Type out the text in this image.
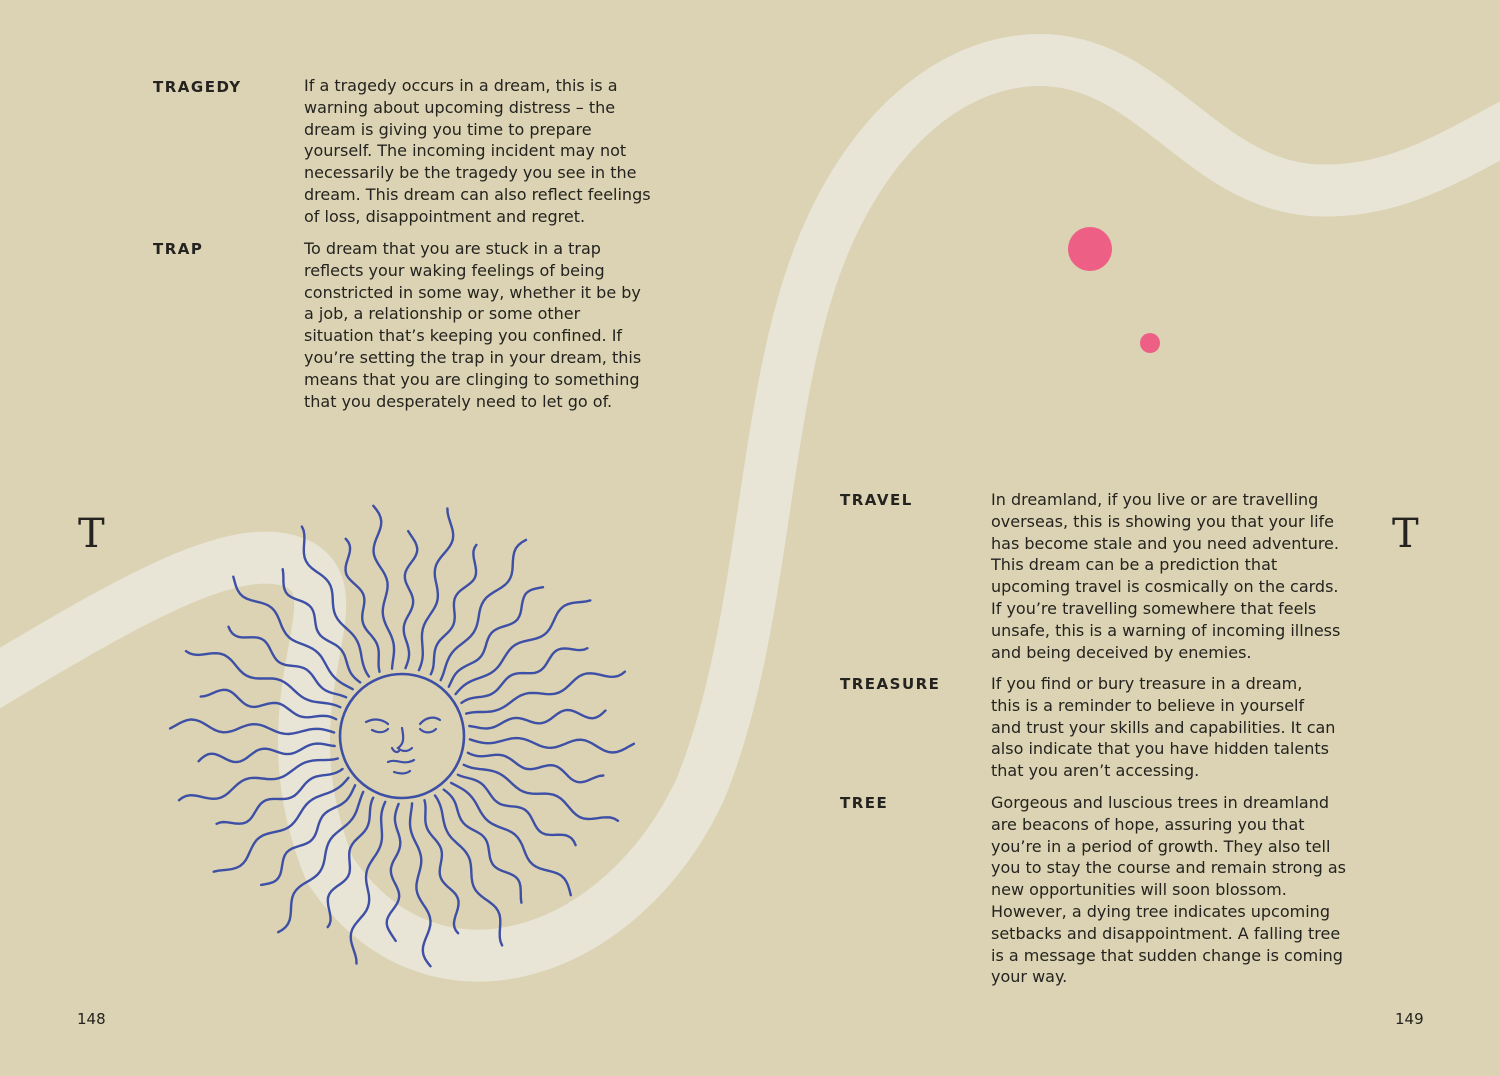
TRAGEDY	If a tragedy occurs in a dream, this is a warning about upcoming distress – the dream is giving you time to prepare yourself. The incoming incident may not necessarily be the tragedy you see in the dream. This dream can also reflect feelings of loss, disappointment and regret.

TRAP	To dream that you are stuck in a trap reflects your waking feelings of being constricted in some way, whether it be by a job, a relationship or some other situation that’s keeping you confined. If you’re setting the trap in your dream, this means that you are clinging to something that you desperately need to let go of.

T
148
TRAVEL	In dreamland, if you live or are travelling overseas, this is showing you that your life has become stale and you need adventure. This dream can be a prediction that upcoming travel is cosmically on the cards. If you’re travelling somewhere that feels unsafe, this is a warning of incoming illness and being deceived by enemies.

TREASURE	If you find or bury treasure in a dream, this is a reminder to believe in yourself and trust your skills and capabilities. It can also indicate that you have hidden talents that you aren’t accessing.

TREE	Gorgeous and luscious trees in dreamland are beacons of hope, assuring you that you’re in a period of growth. They also tell you to stay the course and remain strong as new opportunities will soon blossom. However, a dying tree indicates upcoming setbacks and disappointment. A falling tree is a message that sudden change is coming your way.

T
149
